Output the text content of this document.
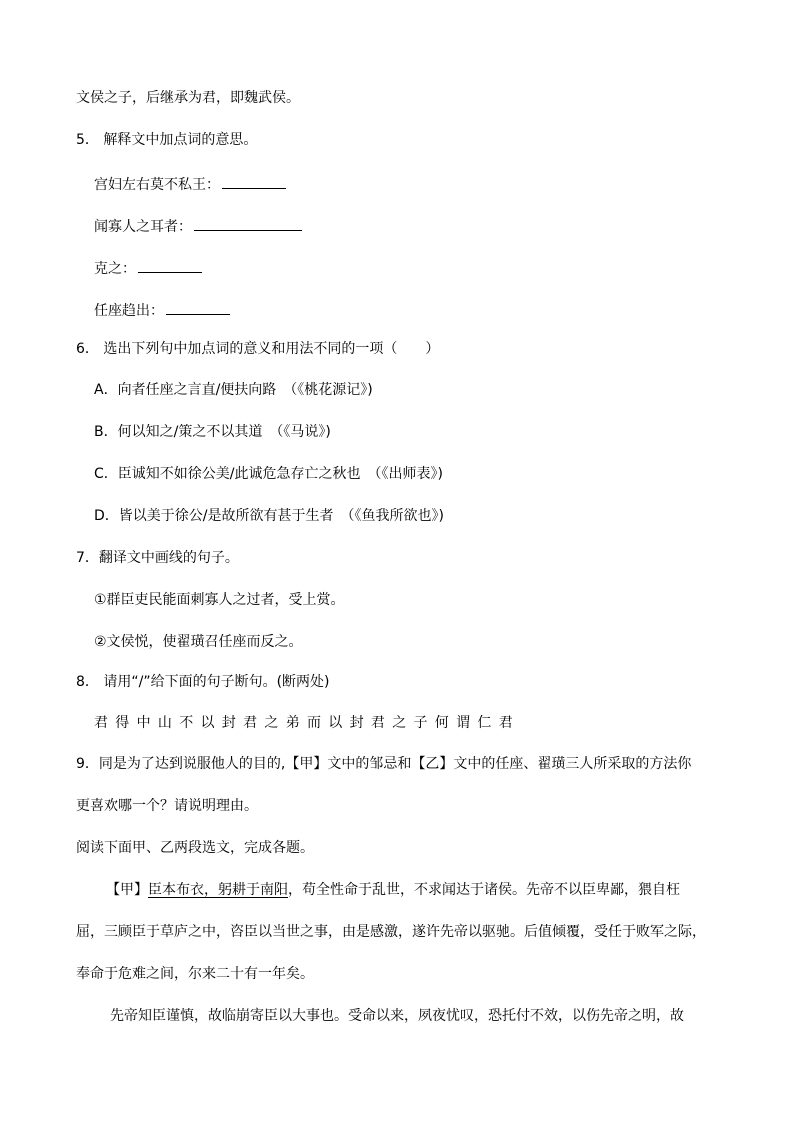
文侯之子，后继承为君，即魏武侯。
5． 解释文中加点词的意思。
宫妇左右莫不私王：
闻寡人之耳者：
克之：
任座趋出：
6． 选出下列句中加点词的意义和用法不同的一项（　　）
A．向者任座之言直/便扶向路　（《桃花源记》)
B．何以知之/策之不以其道　（《马说》)
C．臣诚知不如徐公美/此诚危急存亡之秋也　（《出师表》)
D．皆以美于徐公/是故所欲有甚于生者　（《鱼我所欲也》)
7．翻译文中画线的句子。
①群臣吏民能面刺寡人之过者，受上赏。
②文侯悦，使翟璜召任座而反之。
8． 请用“/”给下面的句子断句。(断两处)
君得中山不以封君之弟而以封君之子何谓仁君
9．同是为了达到说服他人的目的,【甲】文中的邹忌和【乙】文中的任座、翟璜三人所采取的方法你
更喜欢哪一个？请说明理由。
阅读下面甲、乙两段选文，完成各题。
【甲】臣本布衣，躬耕于南阳，苟全性命于乱世，不求闻达于诸侯。先帝不以臣卑鄙，猥自枉
屈，三顾臣于草庐之中，咨臣以当世之事，由是感激，遂许先帝以驱驰。后值倾覆，受任于败军之际，
奉命于危难之间，尔来二十有一年矣。
先帝知臣谨慎，故临崩寄臣以大事也。受命以来，夙夜忧叹，恐托付不效，以伤先帝之明，故
